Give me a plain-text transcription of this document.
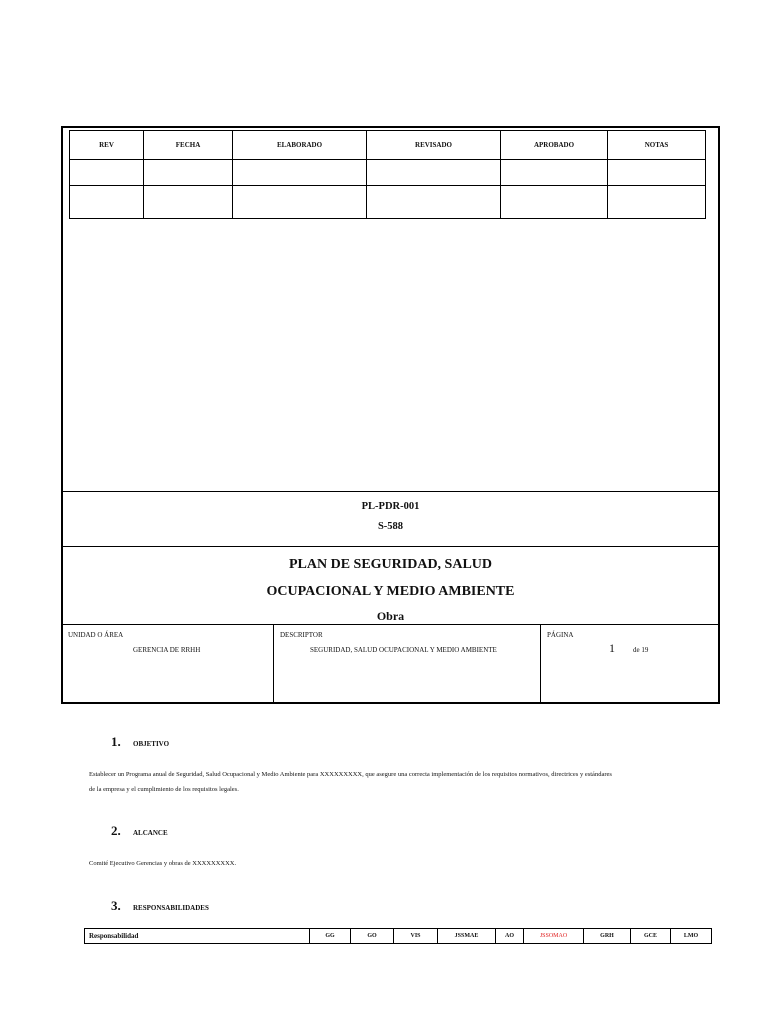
REV	FECHA	ELABORADO	REVISADO	APROBADO	NOTAS

PL-PDR-001
S-588
PLAN DE SEGURIDAD, SALUD
OCUPACIONAL Y MEDIO AMBIENTE
Obra
UNIDAD O ÁREA
GERENCIA DE RRHH
DESCRIPTOR
SEGURIDAD, SALUD OCUPACIONAL Y MEDIO AMBIENTE
PÁGINA
1	de 19
1. OBJETIVO
Establecer un Programa anual de Seguridad, Salud Ocupacional y Medio Ambiente para XXXXXXXXX, que asegure una correcta implementación de los requisitos normativos, directrices y estándares
de la empresa y el cumplimiento de los requisitos legales.
2. ALCANCE
Comité Ejecutivo Gerencias y obras de XXXXXXXXX.
3. RESPONSABILIDADES
Responsabilidad	GG	GO	VIS	JSSMAE	AO	JSSOMAO	GRH	GCE	LMO
